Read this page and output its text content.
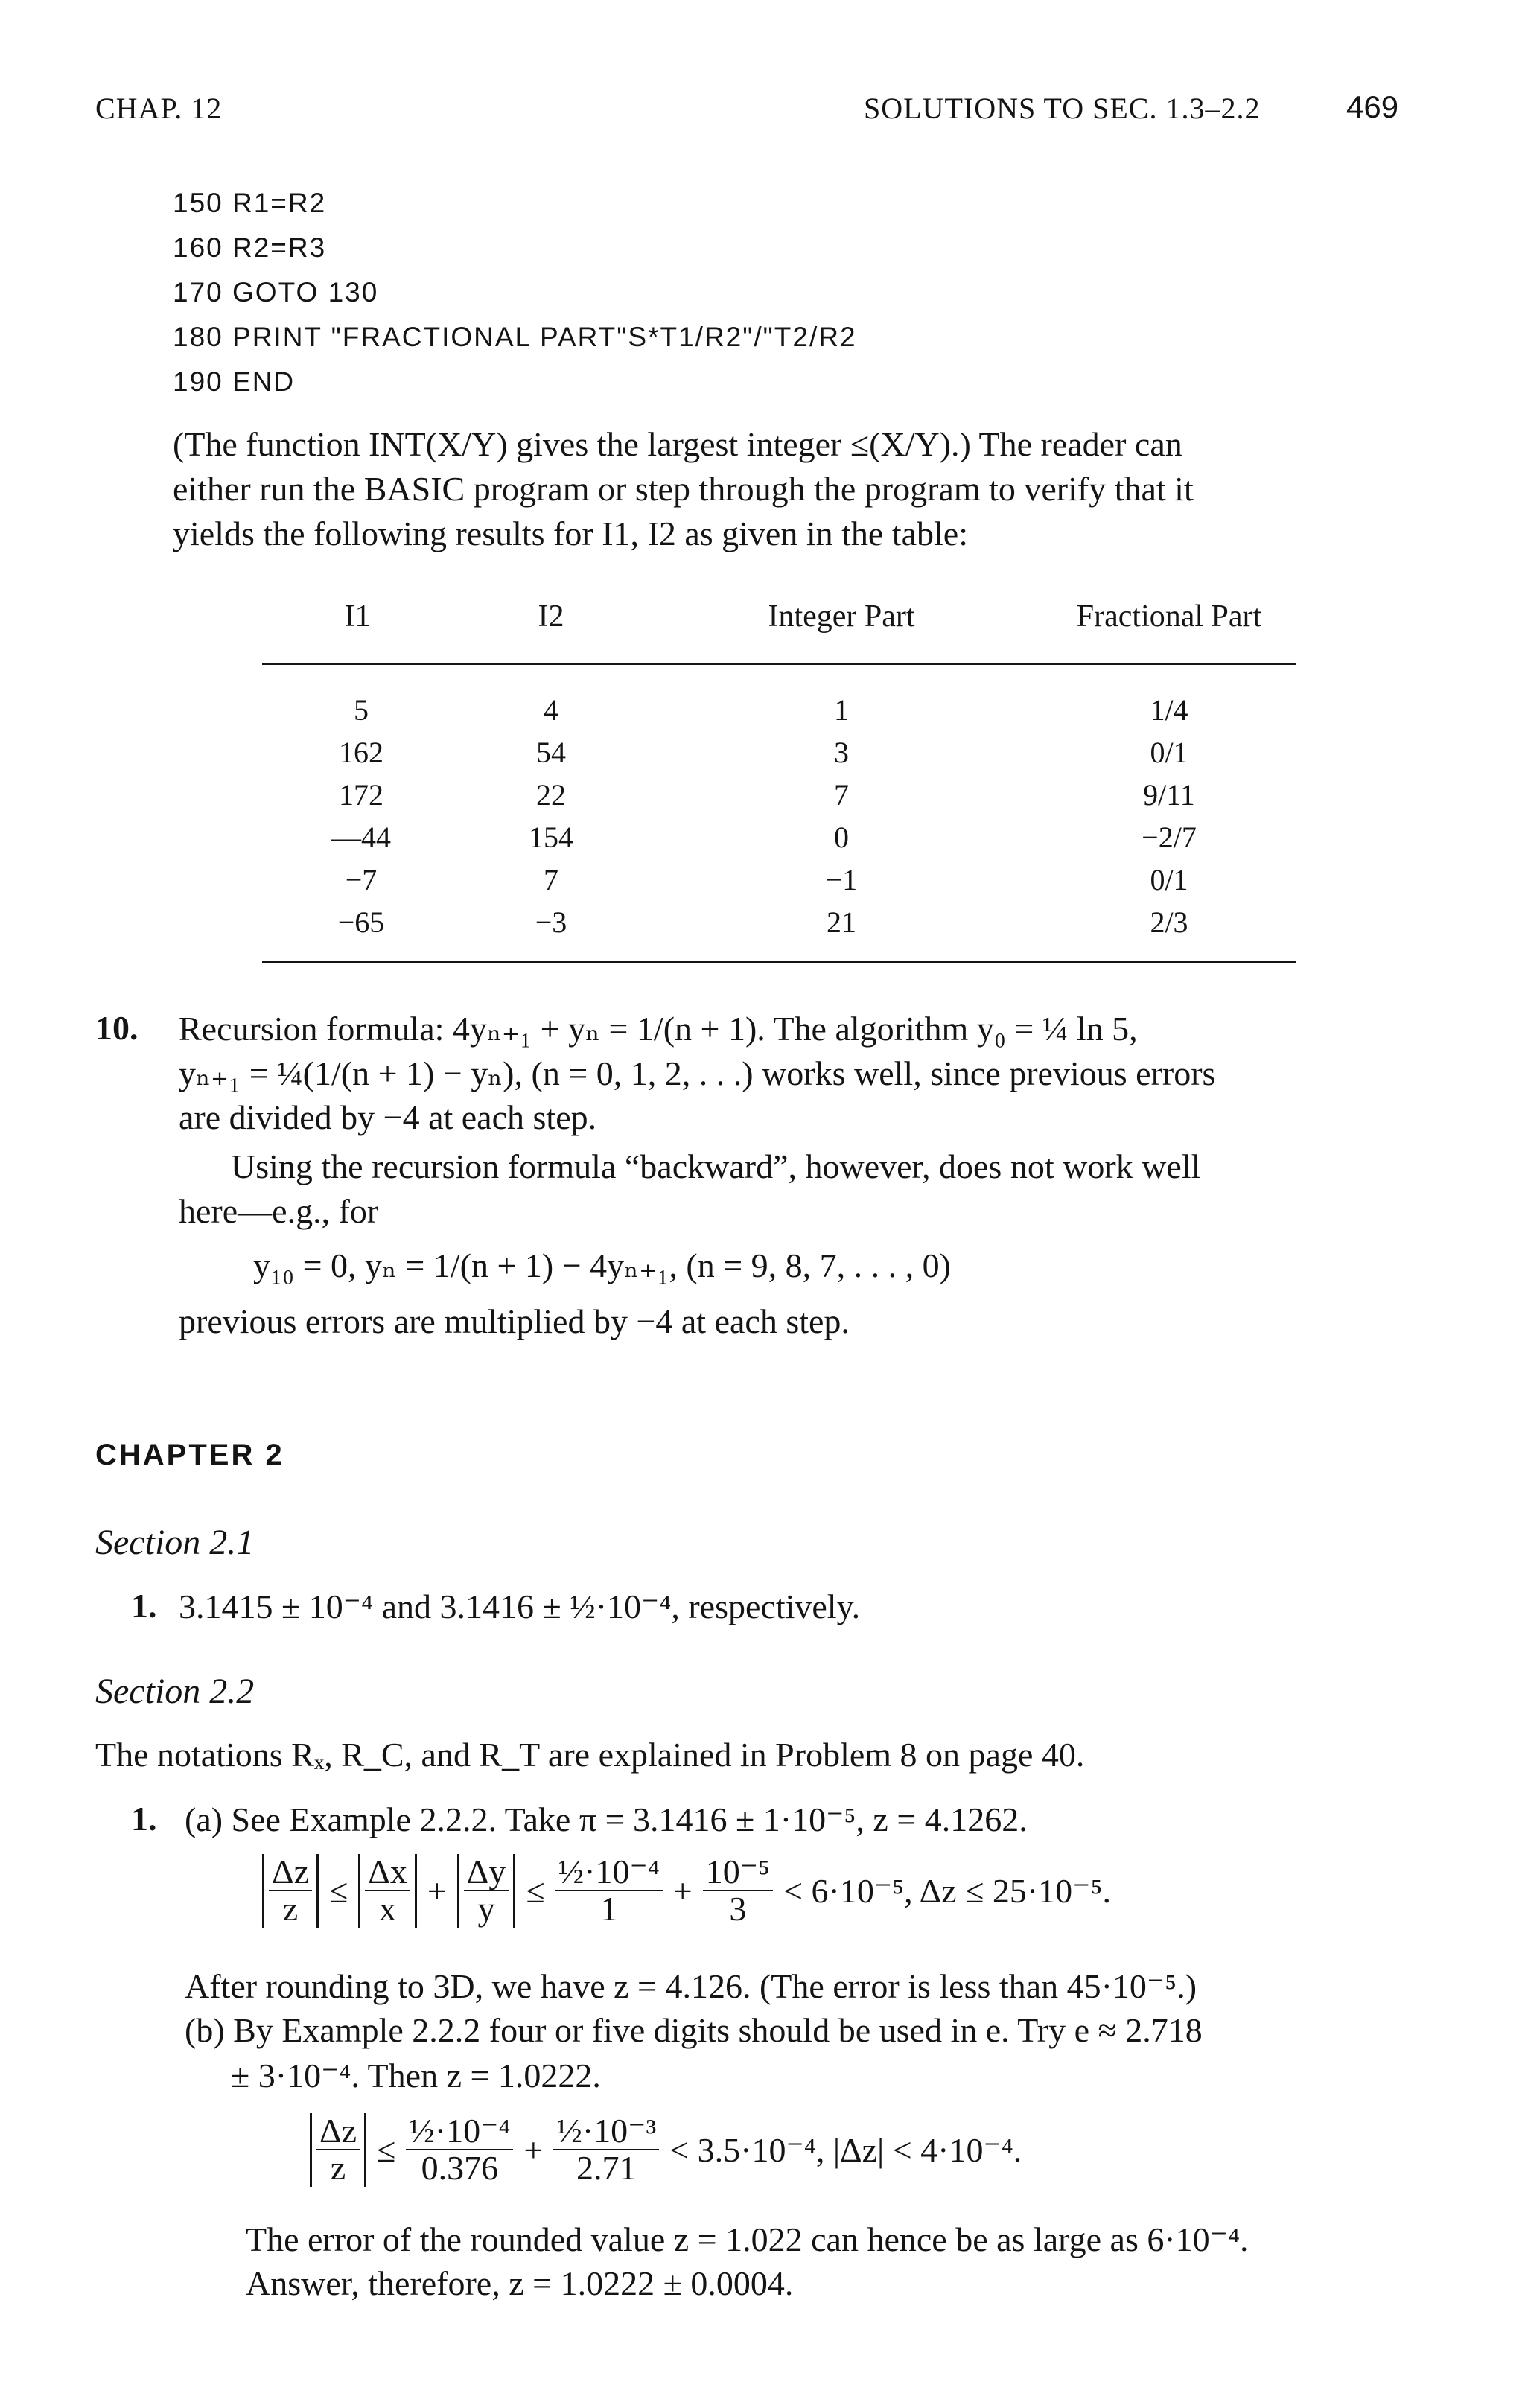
CHAP. 12	SOLUTIONS TO SEC. 1.3–2.2	469
150 R1=R2
160 R2=R3
170 GOTO 130
180 PRINT "FRACTIONAL PART"S*T1/R2"/"T2/R2
190 END
(The function INT(X/Y) gives the largest integer ≤(X/Y).) The reader can
either run the BASIC program or step through the program to verify that it
yields the following results for I1, I2 as given in the table:
I1	I2	Integer Part	Fractional Part
5	4	1	1/4
162	54	3	0/1
172	22	7	9/11
—44	154	0	−2/7
−7	7	−1	0/1
−65	−3	21	2/3
10. Recursion formula: 4yₙ₊₁ + yₙ = 1/(n + 1). The algorithm y₀ = ¼ ln 5,
yₙ₊₁ = ¼(1/(n + 1) − yₙ), (n = 0, 1, 2, . . .) works well, since previous errors
are divided by −4 at each step.
Using the recursion formula “backward”, however, does not work well
here—e.g., for
y₁₀ = 0, yₙ = 1/(n + 1) − 4yₙ₊₁, (n = 9, 8, 7, . . . , 0)
previous errors are multiplied by −4 at each step.
CHAPTER 2
Section 2.1
1. 3.1415 ± 10⁻⁴ and 3.1416 ± ½·10⁻⁴, respectively.
Section 2.2
The notations Rₓ, R_C, and R_T are explained in Problem 8 on page 40.
1. (a) See Example 2.2.2. Take π = 3.1416 ± 1·10⁻⁵, z = 4.1262.
$\frac{\Delta z}{z} \le \frac{\Delta x}{x} + \frac{\Delta y}{y} \le \frac{\text{½·10⁻⁴}}{1} + \frac{\text{10⁻⁵}}{3} < 6\cdot 10^{-5}$, Δz ≤ 25·10⁻⁵.
After rounding to 3D, we have z = 4.126. (The error is less than 45·10⁻⁵.)
(b) By Example 2.2.2 four or five digits should be used in e. Try e ≈ 2.718
± 3·10⁻⁴. Then z = 1.0222.
$\frac{\Delta z}{z} \le \frac{\text{½·10⁻⁴}}{0.376} + \frac{\text{½·10⁻³}}{2.71} < 3.5\cdot 10^{-4}$, |Δz| < 4·10⁻⁴.
The error of the rounded value z = 1.022 can hence be as large as 6·10⁻⁴.
Answer, therefore, z = 1.0222 ± 0.0004.
